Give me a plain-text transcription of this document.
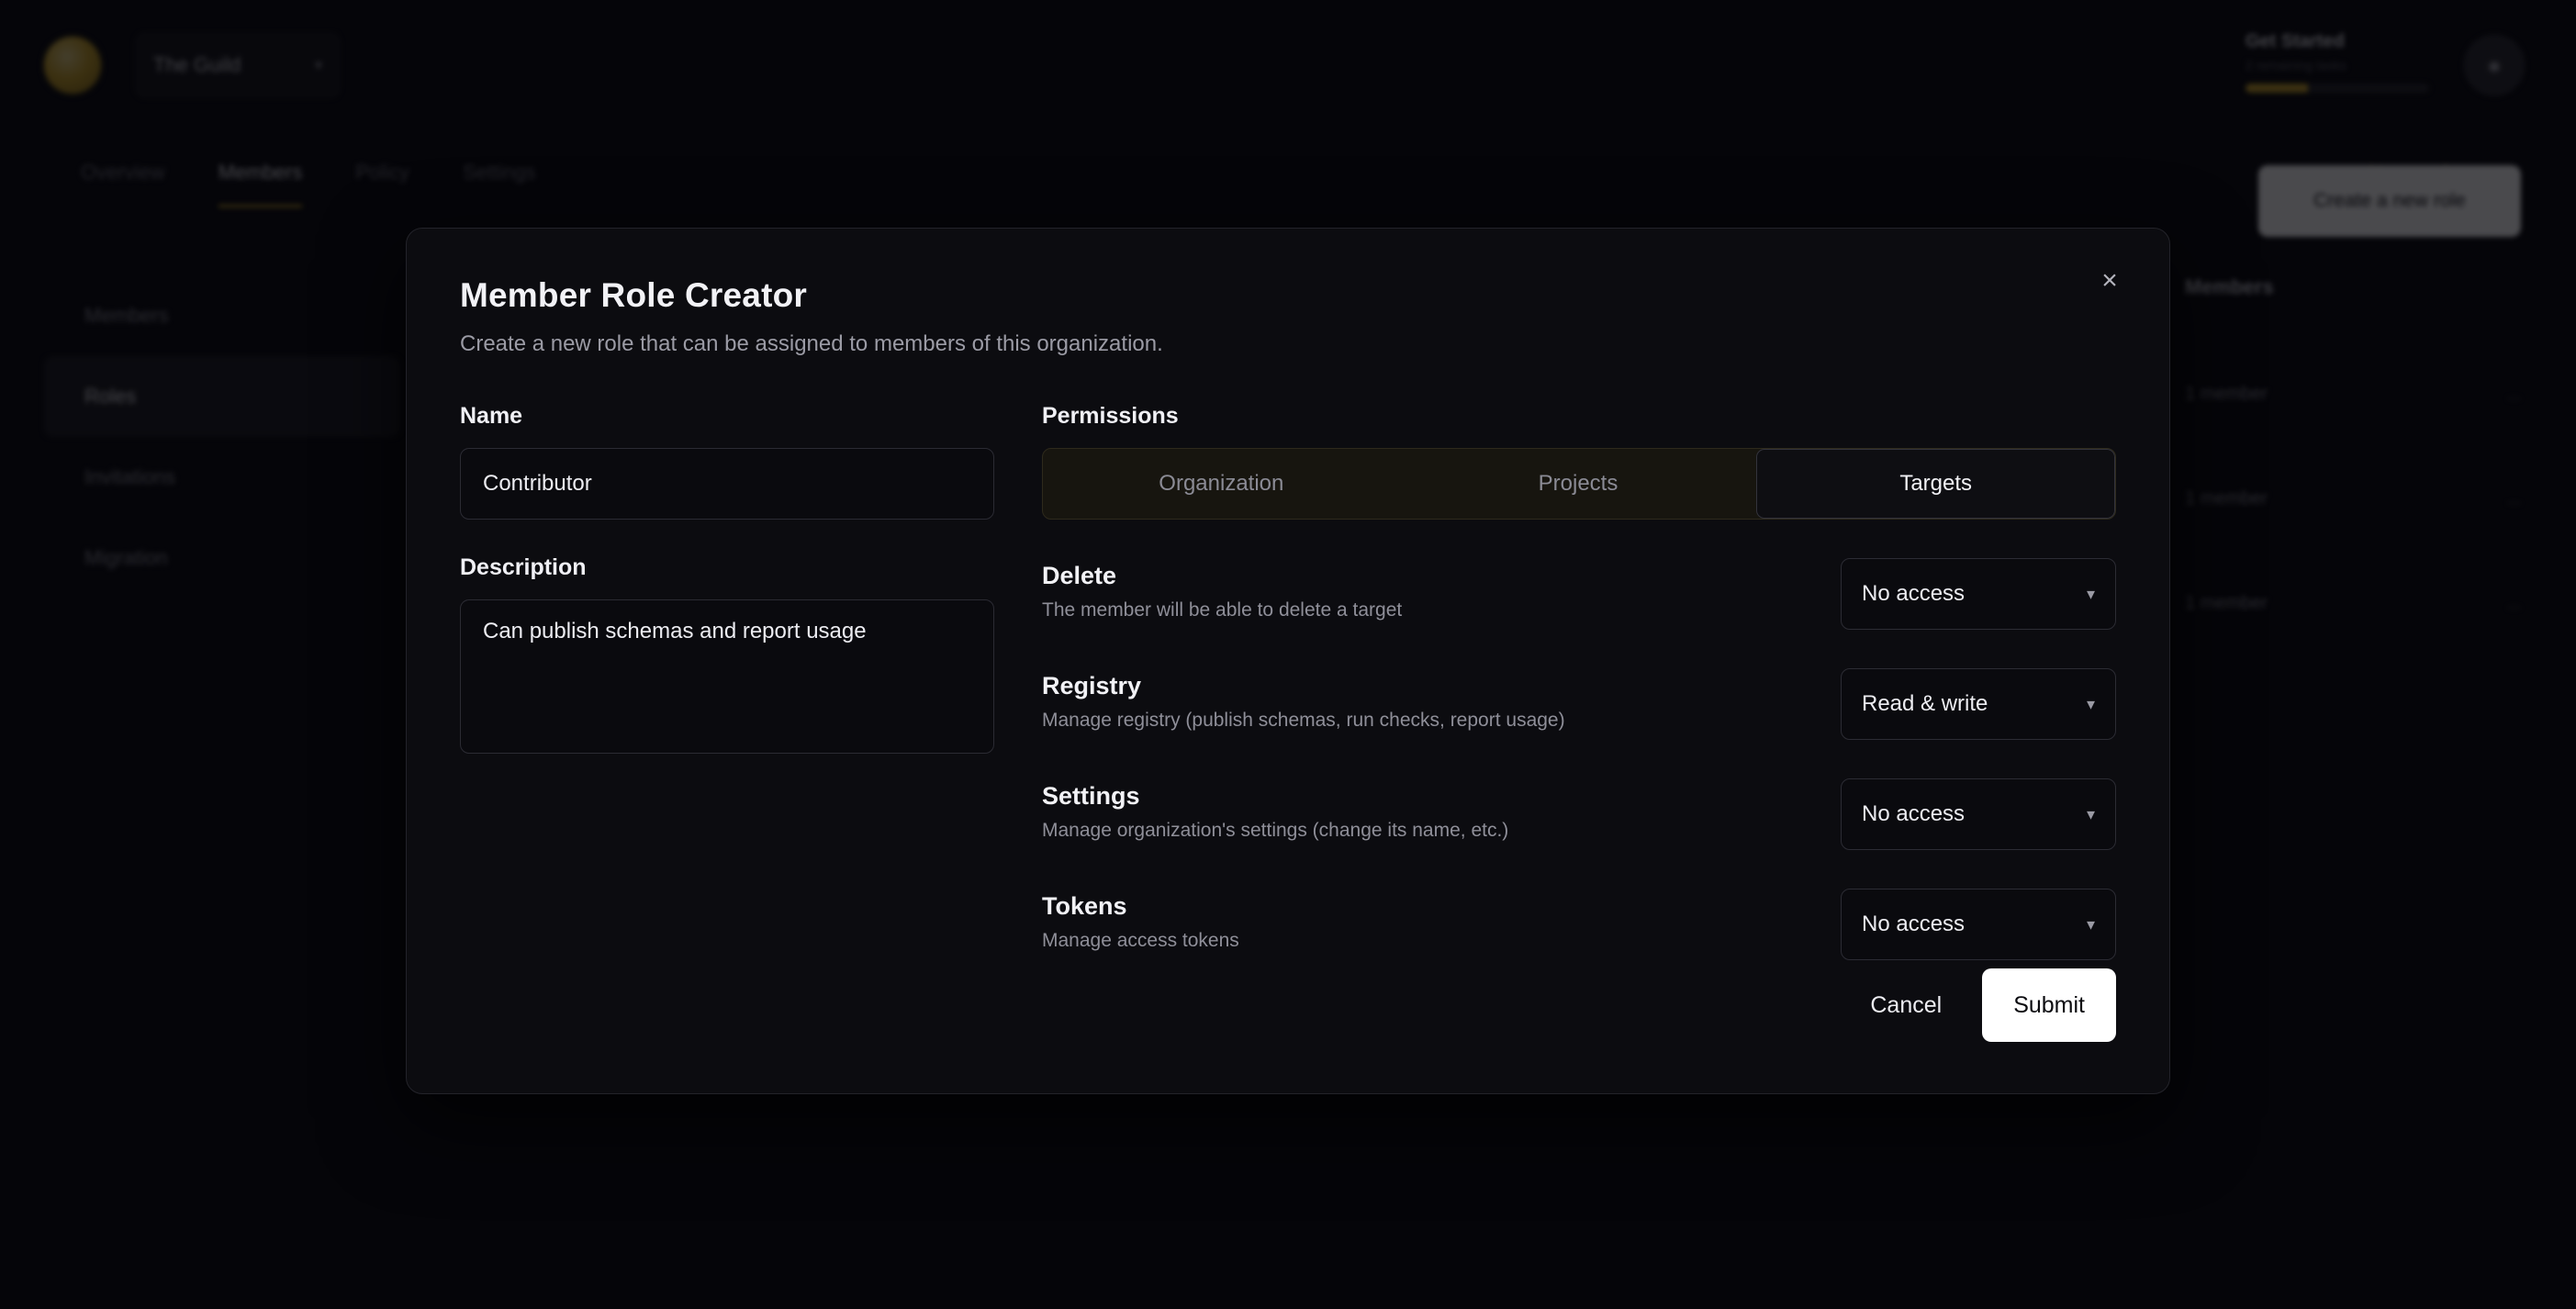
×
Member Role Creator
Create a new role that can be assigned to members of this organization.
Name
Contributor
Description
Can publish schemas and report usage
Permissions
Organization	Projects	Targets
Delete
The member will be able to delete a target
No access	▾
Registry
Manage registry (publish schemas, run checks, report usage)
Read & write	▾
Settings
Manage organization's settings (change its name, etc.)
No access	▾
Tokens
Manage access tokens
No access	▾
Cancel	Submit
